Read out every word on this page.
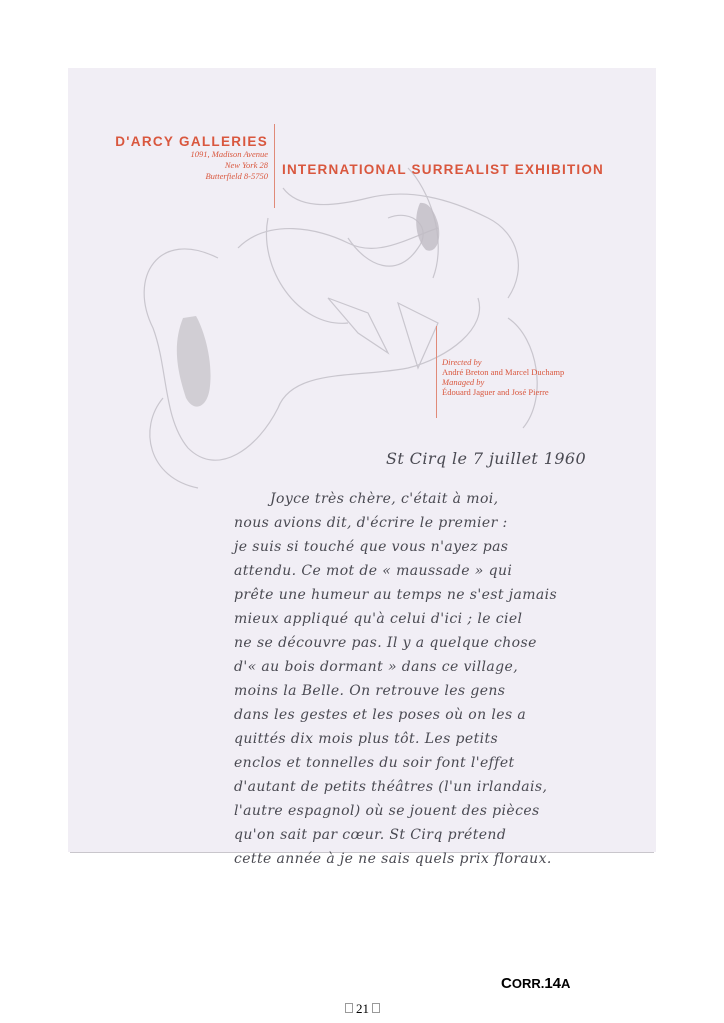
D'ARCY GALLERIES
1091, Madison Avenue
New York 28
Butterfield 8-5750 INTERNATIONAL SURREALIST EXHIBITION
Directed by
André Breton and Marcel Duchamp
Managed by
Édouard Jaguer and José Pierre
St Cirq le 7 juillet 1960
Joyce très chère, c'était à moi,
nous avions dit, d'écrire le premier :
je suis si touché que vous n'ayez pas
attendu. Ce mot de « maussade » qui
prête une humeur au temps ne s'est jamais
mieux appliqué qu'à celui d'ici ; le ciel
ne se découvre pas. Il y a quelque chose
d'« au bois dormant » dans ce village,
moins la Belle. On retrouve les gens
dans les gestes et les poses où on les a
quittés dix mois plus tôt. Les petits
enclos et tonnelles du soir font l'effet
d'autant de petits théâtres (l'un irlandais,
l'autre espagnol) où se jouent des pièces
qu'on sait par cœur. St Cirq prétend
cette année à je ne sais quels prix floraux.
CORR.14A
21
